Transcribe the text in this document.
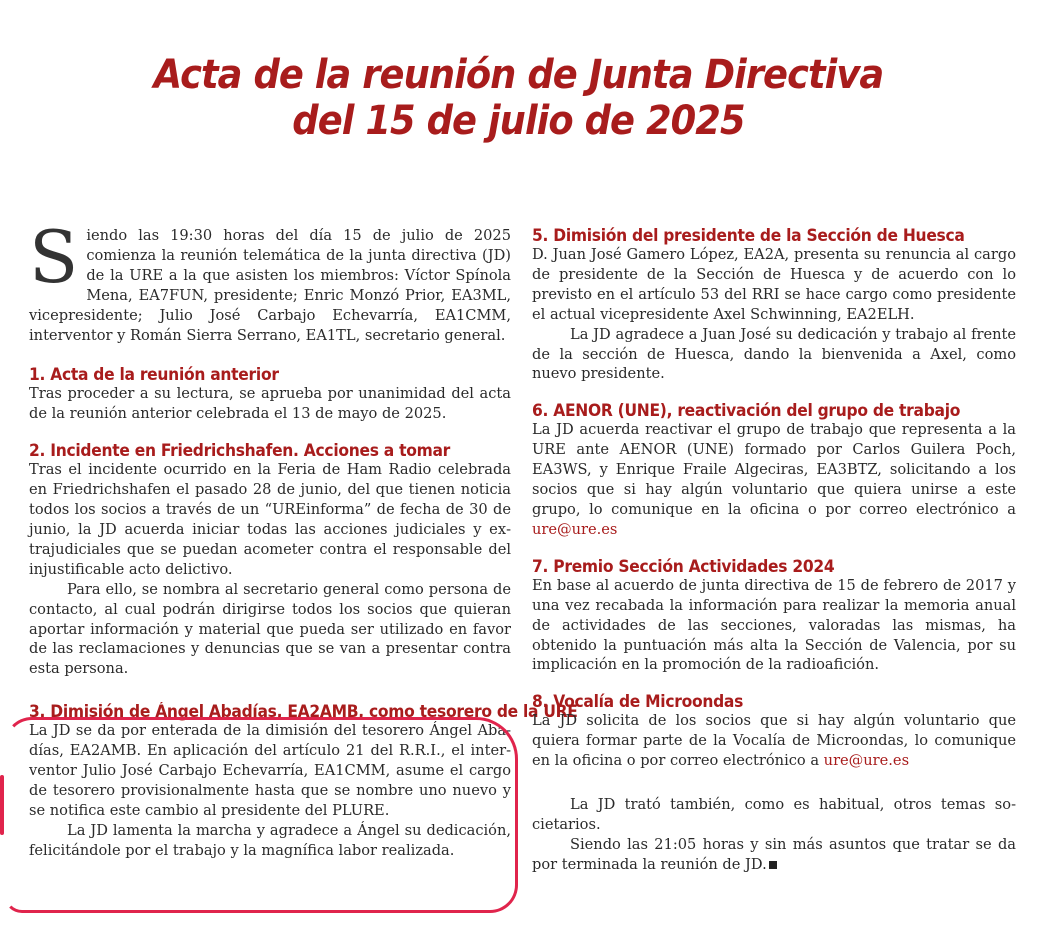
Acta de la reunión de Junta Directiva
del 15 de julio de 2025

Siendo las 19:30 horas del día 15 de julio de 2025 comienza la reunión telemática de la junta directiva (JD) de la URE a la que asisten los miembros: Víctor Spínola Mena, EA7FUN, presidente; Enric Monzó Prior, EA3ML, vicepresidente; Julio José Carbajo Echevarría, EA1CMM, interventor y Román Sierra Serrano, EA1TL, secretario general.

1. Acta de la reunión anterior

Tras proceder a su lectura, se aprueba por unanimidad del acta de la reunión anterior celebrada el 13 de mayo de 2025.

2. Incidente en Friedrichshafen. Acciones a tomar

Tras el incidente ocurrido en la Feria de Ham Radio celebrada en Friedrichshafen el pasado 28 de junio, del que tienen noticia todos los socios a través de un “UREinforma” de fecha de 30 de junio, la JD acuerda iniciar todas las acciones judiciales y extrajudiciales que se puedan acometer contra el responsable del injustificable acto delictivo.

Para ello, se nombra al secretario general como persona de contacto, al cual podrán dirigirse todos los socios que quieran aportar información y material que pueda ser utilizado en favor de las reclamaciones y denuncias que se van a presentar contra esta persona.

3. Dimisión de Ángel Abadías, EA2AMB, como tesorero de la URE

La JD se da por enterada de la dimisión del tesorero Ángel Abadías, EA2AMB. En aplicación del artículo 21 del R.R.I., el interventor Julio José Carbajo Echevarría, EA1CMM, asume el cargo de tesorero provisionalmente hasta que se nombre uno nuevo y se notifica este cambio al presidente del PLURE.

La JD lamenta la marcha y agradece a Ángel su dedicación, felicitándole por el trabajo y la magnífica labor realizada.

5. Dimisión del presidente de la Sección de Huesca

D. Juan José Gamero López, EA2A, presenta su renuncia al cargo de presidente de la Sección de Huesca y de acuerdo con lo previsto en el artículo 53 del RRI se hace cargo como presidente el actual vicepresidente Axel Schwinning, EA2ELH.

La JD agradece a Juan José su dedicación y trabajo al frente de la sección de Huesca, dando la bienvenida a Axel, como nuevo presidente.

6. AENOR (UNE), reactivación del grupo de trabajo

La JD acuerda reactivar el grupo de trabajo que representa a la URE ante AENOR (UNE) formado por Carlos Guilera Poch, EA3WS, y Enrique Fraile Algeciras, EA3BTZ, solicitando a los socios que si hay algún voluntario que quiera unirse a este grupo, lo comunique en la oficina o por correo electrónico a ure@ure.es

7. Premio Sección Actividades 2024

En base al acuerdo de junta directiva de 15 de febrero de 2017 y una vez recabada la información para realizar la memoria anual de actividades de las secciones, valoradas las mismas, ha obtenido la puntuación más alta la Sección de Valencia, por su implicación en la promoción de la radioafición.

8. Vocalía de Microondas

La JD solicita de los socios que si hay algún voluntario que quiera formar parte de la Vocalía de Microondas, lo comunique en la oficina o por correo electrónico a ure@ure.es

La JD trató también, como es habitual, otros temas societarios.

Siendo las 21:05 horas y sin más asuntos que tratar se da por terminada la reunión de JD.
